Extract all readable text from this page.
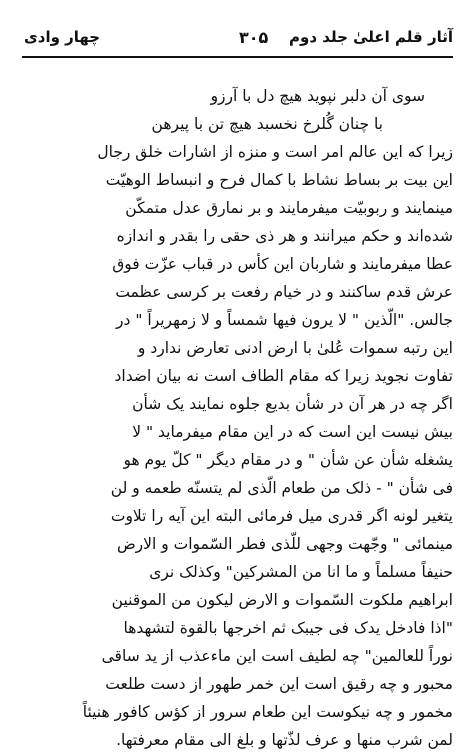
آثار قلم اعلیٰ جلد دوم
۳۰۵
چهار وادی
سوی آن دلبر نپوید هیچ دل با آرزو
با چنان گُلرخ نخسبد هیچ تن با پیرهن
زیرا که این عالم امر است و منزه از اشارات خلق رجال
این بیت بر بساط نشاط با کمال فرح و انبساط الوهیّت
مینمایند و ربوبیّت میفرمایند و بر نمارق عدل متمکّن
شده‌اند و حکم میرانند و هر ذی حقی را بقدر و اندازه
عطا میفرمایند و شاربان این کأس در قباب عزّت فوق
عرش قدم ساکنند و در خیام رفعت بر کرسی عظمت
جالس. "الّذین " لا یرون فیها شمساً و لا زمهریراً " در
این رتبه سموات عُلیٰ با ارض ادنی تعارض ندارد و
تفاوت نجوید زیرا که مقام الطاف است نه بیان اضداد
اگر چه در هر آن در شأن بدیع جلوه نمایند یک شأن
بیش نیست این است که در این مقام میفرماید " لا
یشغله شأن عن شأن " و در مقام دیگر " کلّ یوم هو
فی شأن " - ذلک من طعام الّذی لم یتسنّه طعمه و لن
یتغیر لونه اگر قدری میل فرمائی البته این آیه را تلاوت
مینمائی " وجّهت وجهی للّذی فطر السّموات و الارض
حنیفاً مسلماً و ما انا من المشرکین" وکذلک نری
ابراهیم ملکوت السّموات و الارض لیکون من الموقنین
"اذا فادخل یدک فی جیبک ثم اخرجها بالقوة لتشهدها
نوراً للعالمین" چه لطیف است این ماءعذب از ید ساقی
محبور و چه رقیق است این خمر طهور از دست طلعت
مخمور و چه نیکوست این طعام سرور از کؤس کافور هنیئاً
لمن شرب منها و عرف لذّتها و بلغ الی مقام معرفتها.
